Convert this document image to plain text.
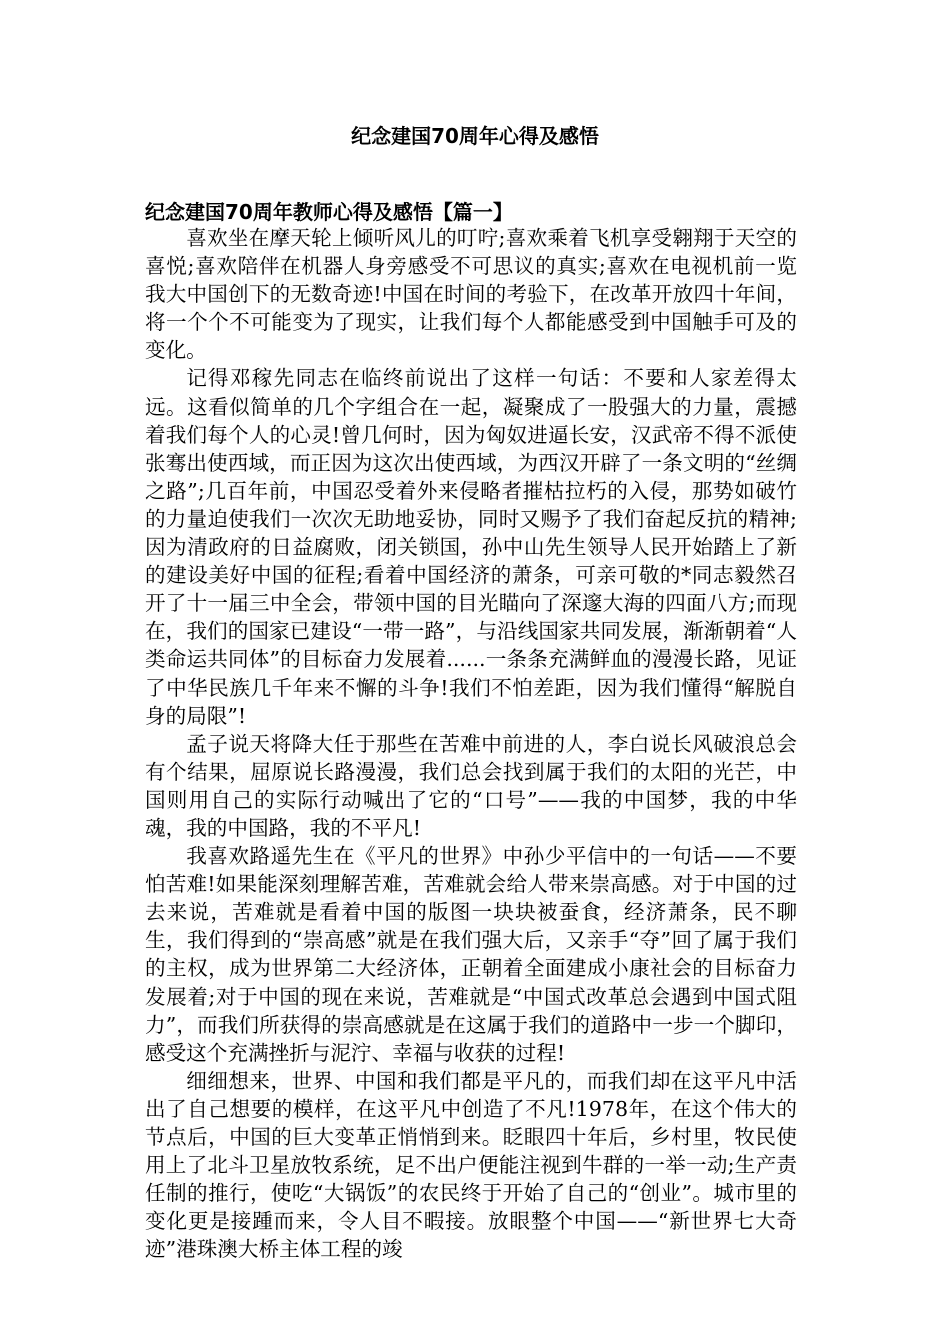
纪念建国70周年心得及感悟
纪念建国70周年教师心得及感悟【篇一】

喜欢坐在摩天轮上倾听风儿的叮咛;喜欢乘着飞机享受翱翔于天空的喜悦;喜欢陪伴在机器人身旁感受不可思议的真实;喜欢在电视机前一览我大中国创下的无数奇迹!中国在时间的考验下，在改革开放四十年间，将一个个不可能变为了现实，让我们每个人都能感受到中国触手可及的变化。

记得邓稼先同志在临终前说出了这样一句话：不要和人家差得太远。这看似简单的几个字组合在一起，凝聚成了一股强大的力量，震撼着我们每个人的心灵!曾几何时，因为匈奴进逼长安，汉武帝不得不派使张骞出使西域，而正因为这次出使西域，为西汉开辟了一条文明的“丝绸之路”;几百年前，中国忍受着外来侵略者摧枯拉朽的入侵，那势如破竹的力量迫使我们一次次无助地妥协，同时又赐予了我们奋起反抗的精神;因为清政府的日益腐败，闭关锁国，孙中山先生领导人民开始踏上了新的建设美好中国的征程;看着中国经济的萧条，可亲可敬的*同志毅然召开了十一届三中全会，带领中国的目光瞄向了深邃大海的四面八方;而现在，我们的国家已建设“一带一路”，与沿线国家共同发展，渐渐朝着“人类命运共同体”的目标奋力发展着......一条条充满鲜血的漫漫长路，见证了中华民族几千年来不懈的斗争!我们不怕差距，因为我们懂得“解脱自身的局限”!

孟子说天将降大任于那些在苦难中前进的人，李白说长风破浪总会有个结果，屈原说长路漫漫，我们总会找到属于我们的太阳的光芒，中国则用自己的实际行动喊出了它的“口号”——我的中国梦，我的中华魂，我的中国路，我的不平凡!

我喜欢路遥先生在《平凡的世界》中孙少平信中的一句话——不要怕苦难!如果能深刻理解苦难，苦难就会给人带来崇高感。对于中国的过去来说，苦难就是看着中国的版图一块块被蚕食，经济萧条，民不聊生，我们得到的“崇高感”就是在我们强大后，又亲手“夺”回了属于我们的主权，成为世界第二大经济体，正朝着全面建成小康社会的目标奋力发展着;对于中国的现在来说，苦难就是“中国式改革总会遇到中国式阻力”，而我们所获得的崇高感就是在这属于我们的道路中一步一个脚印，感受这个充满挫折与泥泞、幸福与收获的过程!

细细想来，世界、中国和我们都是平凡的，而我们却在这平凡中活出了自己想要的模样，在这平凡中创造了不凡!1978年，在这个伟大的节点后，中国的巨大变革正悄悄到来。眨眼四十年后，乡村里，牧民使用上了北斗卫星放牧系统，足不出户便能注视到牛群的一举一动;生产责任制的推行，使吃“大锅饭”的农民终于开始了自己的“创业”。城市里的变化更是接踵而来，令人目不暇接。放眼整个中国——“新世界七大奇迹”港珠澳大桥主体工程的竣
